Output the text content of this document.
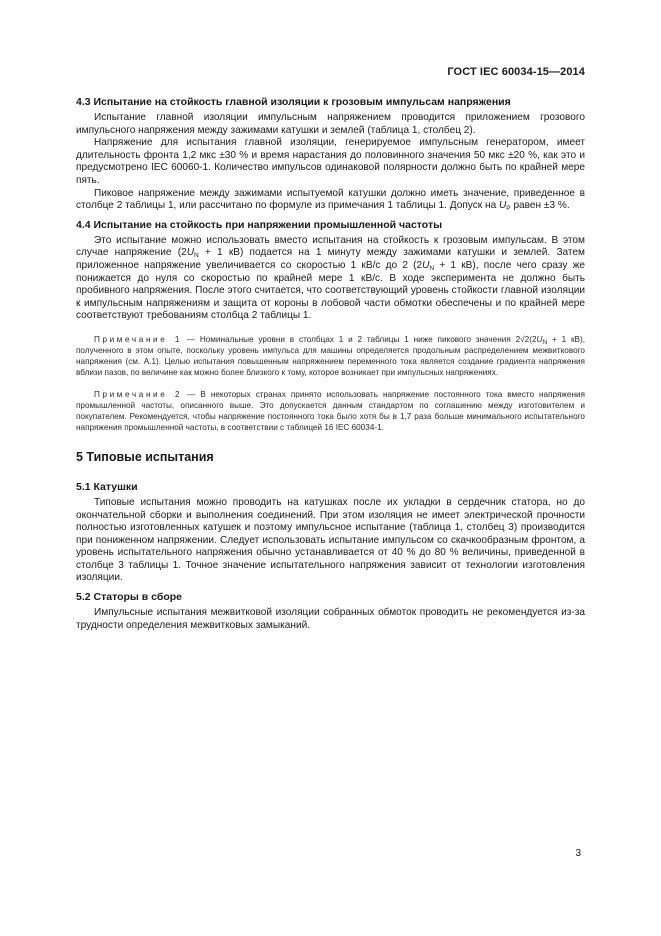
ГОСТ IEC 60034-15—2014
4.3 Испытание на стойкость главной изоляции к грозовым импульсам напряжения

Испытание главной изоляции импульсным напряжением проводится приложением грозового импульсного напряжения между зажимами катушки и землей (таблица 1, столбец 2).

Напряжение для испытания главной изоляции, генерируемое импульсным генератором, имеет длительность фронта 1,2 мкс ±30 % и время нарастания до половинного значения 50 мкс ±20 %, как это и предусмотрено IEC 60060-1. Количество импульсов одинаковой полярности должно быть по крайней мере пять.

Пиковое напряжение между зажимами испытуемой катушки должно иметь значение, приведенное в столбце 2 таблицы 1, или рассчитано по формуле из примечания 1 таблицы 1. Допуск на $U_P$ равен ±3 %.

4.4 Испытание на стойкость при напряжении промышленной частоты

Это испытание можно использовать вместо испытания на стойкость к грозовым импульсам. В этом случае напряжение ($2U_N + 1$ кВ) подается на 1 минуту между зажимами катушки и землей. Затем приложенное напряжение увеличивается со скоростью 1 кВ/с до 2 ($2U_N + 1$ кВ), после чего сразу же понижается до нуля со скоростью по крайней мере 1 кВ/с. В ходе эксперимента не должно быть пробивного напряжения. После этого считается, что соответствующий уровень стойкости главной изоляции к импульсным напряжениям и защита от короны в лобовой части обмотки обеспечены и по крайней мере соответствуют требованиям столбца 2 таблицы 1.

Примечание 1 — Номинальные уровни в столбцах 1 и 2 таблицы 1 ниже пикового значения $2√2(2U_N + 1$ кВ), полученного в этом опыте, поскольку уровень импульса для машины определяется продольным распределением межвиткового напряжения (см. А.1). Целью испытания повышенным напряжением переменного тока является создание градиента напряжения вблизи пазов, по величине как можно более близкого к тому, которое возникает при импульсных напряжениях.

Примечание 2 — В некоторых странах принято использовать напряжение постоянного тока вместо напряжения промышленной частоты, описанного выше. Это допускается данным стандартом по соглашению между изготовителем и покупателем. Рекомендуется, чтобы напряжение постоянного тока было хотя бы в 1,7 раза больше минимального испытательного напряжения промышленной частоты, в соответствии с таблицей 16 IEC 60034-1.

5 Типовые испытания
5.1 Катушки

Типовые испытания можно проводить на катушках после их укладки в сердечник статора, но до окончательной сборки и выполнения соединений. При этом изоляция не имеет электрической прочности полностью изготовленных катушек и поэтому импульсное испытание (таблица 1, столбец 3) производится при пониженном напряжении. Следует использовать испытание импульсом со скачкообразным фронтом, а уровень испытательного напряжения обычно устанавливается от 40 % до 80 % величины, приведенной в столбце 3 таблицы 1. Точное значение испытательного напряжения зависит от технологии изготовления изоляции.

5.2 Статоры в сборе

Импульсные испытания межвитковой изоляции собранных обмоток проводить не рекомендуется из-за трудности определения межвитковых замыканий.

3
